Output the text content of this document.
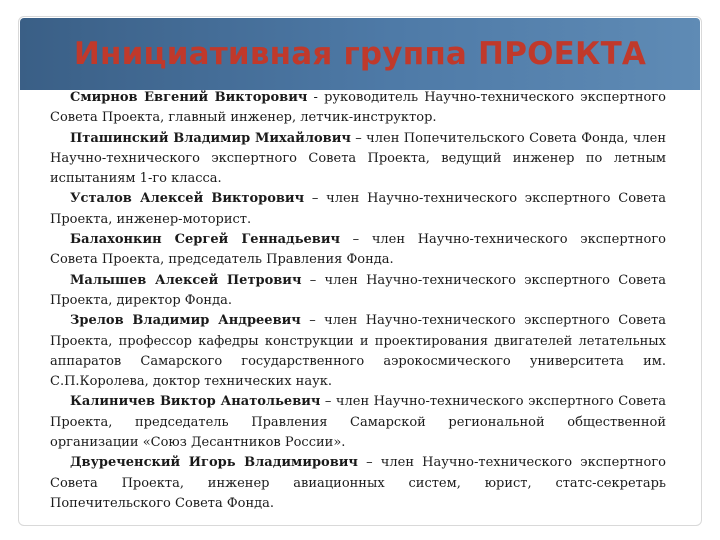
Инициативная группа ПРОЕКТА

Смирнов Евгений Викторович - руководитель Научно-технического экспертного Совета Проекта, главный инженер, летчик-инструктор.

Пташинский Владимир Михайлович – член Попечительского Совета Фонда, член Научно-технического экспертного Совета Проекта, ведущий инженер по летным испытаниям 1-го класса.

Усталов Алексей Викторович – член Научно-технического экспертного Совета Проекта, инженер-моторист.

Балахонкин Сергей Геннадьевич – член Научно-технического экспертного Совета Проекта, председатель Правления Фонда.

Малышев Алексей Петрович – член Научно-технического экспертного Совета Проекта, директор Фонда.

Зрелов Владимир Андреевич – член Научно-технического экспертного Совета Проекта, профессор кафедры конструкции и проектирования двигателей летательных аппаратов Самарского государственного аэрокосмического университета им. С.П.Королева, доктор технических наук.

Калиничев Виктор Анатольевич – член Научно-технического экспертного Совета Проекта, председатель Правления Самарской региональной общественной организации «Союз Десантников России».

Двуреченский Игорь Владимирович – член Научно-технического экспертного Совета Проекта, инженер авиационных систем, юрист, статс-секретарь Попечительского Совета Фонда.
